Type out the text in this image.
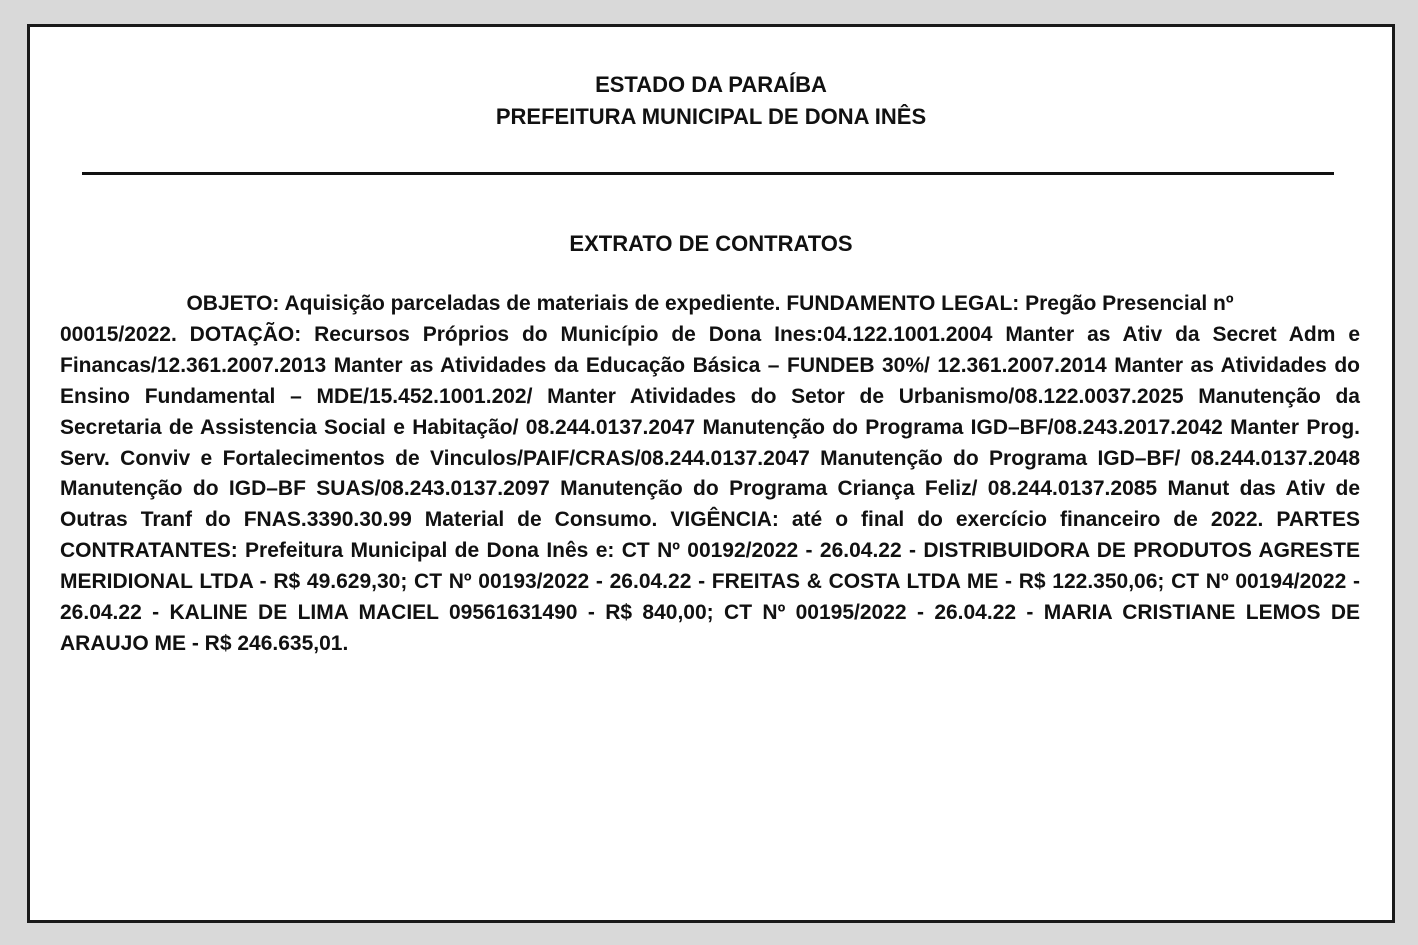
ESTADO DA PARAÍBA
PREFEITURA MUNICIPAL DE DONA INÊS
EXTRATO DE CONTRATOS

OBJETO: Aquisição parceladas de materiais de expediente. FUNDAMENTO LEGAL: Pregão Presencial nº
00015/2022. DOTAÇÃO: Recursos Próprios do Município de Dona Ines:04.122.1001.2004 Manter as Ativ da Secret Adm e Financas/12.361.2007.2013 Manter as Atividades da Educação Básica – FUNDEB 30%/ 12.361.2007.2014 Manter as Atividades do Ensino Fundamental – MDE/15.452.1001.202/ Manter Atividades do Setor de Urbanismo/08.122.0037.2025 Manutenção da Secretaria de Assistencia Social e Habitação/ 08.244.0137.2047 Manutenção do Programa IGD–BF/08.243.2017.2042 Manter Prog. Serv. Conviv e Fortalecimentos de Vinculos/PAIF/CRAS/08.244.0137.2047 Manutenção do Programa IGD–BF/ 08.244.0137.2048 Manutenção do IGD–BF SUAS/08.243.0137.2097 Manutenção do Programa Criança Feliz/ 08.244.0137.2085 Manut das Ativ de Outras Tranf do FNAS.3390.30.99 Material de Consumo. VIGÊNCIA: até o final do exercício financeiro de 2022. PARTES CONTRATANTES: Prefeitura Municipal de Dona Inês e: CT Nº 00192/2022 - 26.04.22 - DISTRIBUIDORA DE PRODUTOS AGRESTE MERIDIONAL LTDA - R$ 49.629,30; CT Nº 00193/2022 - 26.04.22 - FREITAS & COSTA LTDA ME - R$ 122.350,06; CT Nº 00194/2022 - 26.04.22 - KALINE DE LIMA MACIEL 09561631490 - R$ 840,00; CT Nº 00195/2022 - 26.04.22 - MARIA CRISTIANE LEMOS DE ARAUJO ME - R$ 246.635,01.
